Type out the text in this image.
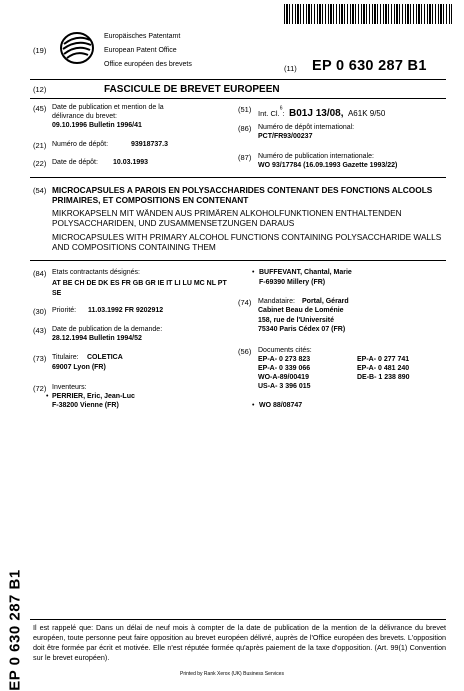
(19)
Europäisches Patentamt
European Patent Office
Office européen des brevets	(11) EP 0 630 287 B1
(12)	FASCICULE DE BREVET EUROPEEN
(45) Date de publication et mention de la délivrance du brevet:
09.10.1996 Bulletin 1996/41
(21) Numéro de dépôt:	93918737.3
(22) Date de dépôt: 10.03.1993
(51) Int. Cl.$^6$: B01J 13/08, A61K 9/50
(86) Numéro de dépôt international:
PCT/FR93/00237
(87) Numéro de publication internationale:
WO 93/17784 (16.09.1993 Gazette 1993/22)
(54) MICROCAPSULES A PAROIS EN POLYSACCHARIDES CONTENANT DES FONCTIONS ALCOOLS PRIMAIRES, ET COMPOSITIONS EN CONTENANT
MIKROKAPSELN MIT WÄNDEN AUS PRIMÄREN ALKOHOLFUNKTIONEN ENTHALTENDEN POLYSACCHARIDEN, UND ZUSAMMENSETZUNGEN DARAUS
MICROCAPSULES WITH PRIMARY ALCOHOL FUNCTIONS CONTAINING POLYSACCHARIDE WALLS AND COMPOSITIONS CONTAINING THEM
(84) Etats contractants désignés:
AT BE CH DE DK ES FR GB GR IE IT LI LU MC NL PT SE
(30) Priorité: 11.03.1992 FR 9202912
(43) Date de publication de la demande:
28.12.1994 Bulletin 1994/52
(73) Titulaire: COLETICA
69007 Lyon (FR)
(72) Inventeurs:
• PERRIER, Eric, Jean-Luc
F-38200 Vienne (FR)
• BUFFEVANT, Chantal, Marie
F-69390 Millery (FR)
(74) Mandataire: Portal, Gérard
Cabinet Beau de Loménie
158, rue de l'Université
75340 Paris Cédex 07 (FR)
(56) Documents cités:
EP-A- 0 273 823
EP-A- 0 339 066
WO-A-89/00419
US-A- 3 396 015
EP-A- 0 277 741
EP-A- 0 481 240
DE-B- 1 238 890
• WO 88/08747
EP 0 630 287 B1 Il est rappelé que: Dans un délai de neuf mois à compter de la date de publication de la mention de la délivrance du brevet européen, toute personne peut faire opposition au brevet européen délivré, auprès de l'Office européen des brevets. L'opposition doit être formée par écrit et motivée. Elle n'est réputée formée qu'après paiement de la taxe d'opposition. (Art. 99(1) Convention sur le brevet européen).
Printed by Rank Xerox (UK) Business Services
